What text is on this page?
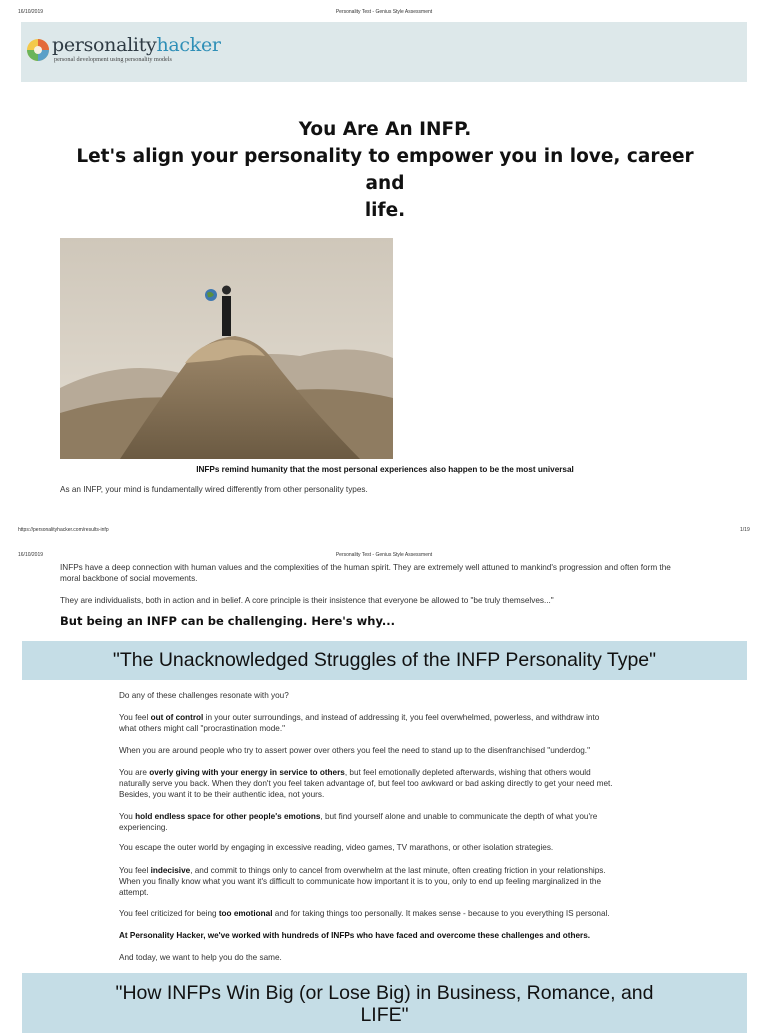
16/10/2019	Personality Test - Genius Style Assessment
personalityhacker
personal development using personality models
You Are An INFP.
Let's align your personality to empower you in love, career and
life.
INFPs remind humanity that the most personal experiences also happen to be the most universal
As an INFP, your mind is fundamentally wired differently from other personality types.
https://personalityhacker.com/results-infp	1/19
16/10/2019	Personality Test - Genius Style Assessment
INFPs have a deep connection with human values and the complexities of the human spirit. They are extremely well attuned to mankind's progression and often form the
moral backbone of social movements.
They are individualists, both in action and in belief. A core principle is their insistence that everyone be allowed to "be truly themselves..."
But being an INFP can be challenging. Here's why...
"The Unacknowledged Struggles of the INFP Personality Type"
Do any of these challenges resonate with you?
You feel out of control in your outer surroundings, and instead of addressing it, you feel overwhelmed, powerless, and withdraw into
what others might call "procrastination mode."
When you are around people who try to assert power over others you feel the need to stand up to the disenfranchised "underdog."
You are overly giving with your energy in service to others, but feel emotionally depleted afterwards, wishing that others would
naturally serve you back. When they don't you feel taken advantage of, but feel too awkward or bad asking directly to get your need met.
Besides, you want it to be their authentic idea, not yours.
You hold endless space for other people's emotions, but find yourself alone and unable to communicate the depth of what you're
experiencing.
You escape the outer world by engaging in excessive reading, video games, TV marathons, or other isolation strategies.
You feel indecisive, and commit to things only to cancel from overwhelm at the last minute, often creating friction in your relationships.
When you finally know what you want it's difficult to communicate how important it is to you, only to end up feeling marginalized in the
attempt.
You feel criticized for being too emotional and for taking things too personally. It makes sense - because to you everything IS personal.
At Personality Hacker, we've worked with hundreds of INFPs who have faced and overcome these challenges and others.
And today, we want to help you do the same.
"How INFPs Win Big (or Lose Big) in Business, Romance, and
LIFE"
